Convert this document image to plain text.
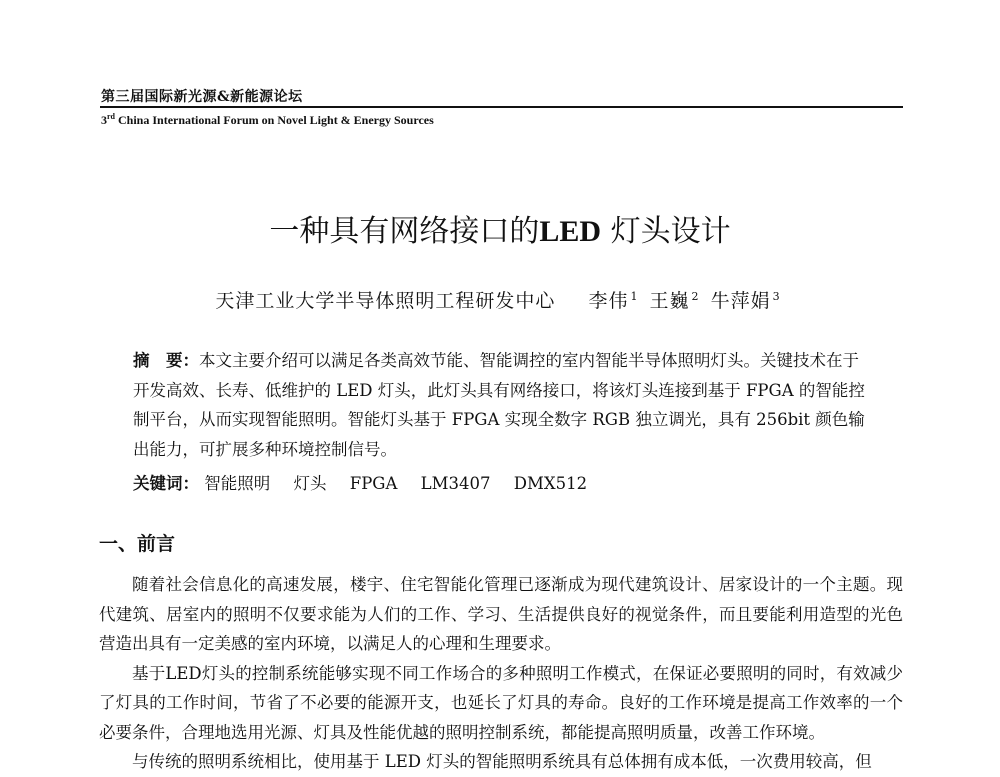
第三届国际新光源&新能源论坛
3rd China International Forum on Novel Light & Energy Sources
一种具有网络接口的LED 灯头设计
天津工业大学半导体照明工程研发中心 李伟 $^1$ 王巍 $^2$ 牛萍娟 $^3$
摘　要：本文主要介绍可以满足各类高效节能、智能调控的室内智能半导体照明灯头。关键技术在于开发高效、长寿、低维护的 LED 灯头，此灯头具有网络接口，将该灯头连接到基于 FPGA 的智能控制平台，从而实现智能照明。智能灯头基于 FPGA 实现全数字 RGB 独立调光，具有 256bit 颜色输出能力，可扩展多种环境控制信号。
关键词： 智能照明 灯头 FPGA LM3407 DMX512
一、前言

随着社会信息化的高速发展，楼宇、住宅智能化管理已逐渐成为现代建筑设计、居家设计的一个主题。现代建筑、居室内的照明不仅要求能为人们的工作、学习、生活提供良好的视觉条件，而且要能利用造型的光色营造出具有一定美感的室内环境，以满足人的心理和生理要求。

基于LED灯头的控制系统能够实现不同工作场合的多种照明工作模式，在保证必要照明的同时，有效减少了灯具的工作时间，节省了不必要的能源开支，也延长了灯具的寿命。良好的工作环境是提高工作效率的一个必要条件，合理地选用光源、灯具及性能优越的照明控制系统，都能提高照明质量，改善工作环境。

与传统的照明系统相比，使用基于 LED 灯头的智能照明系统具有总体拥有成本低，一次费用较高，但
